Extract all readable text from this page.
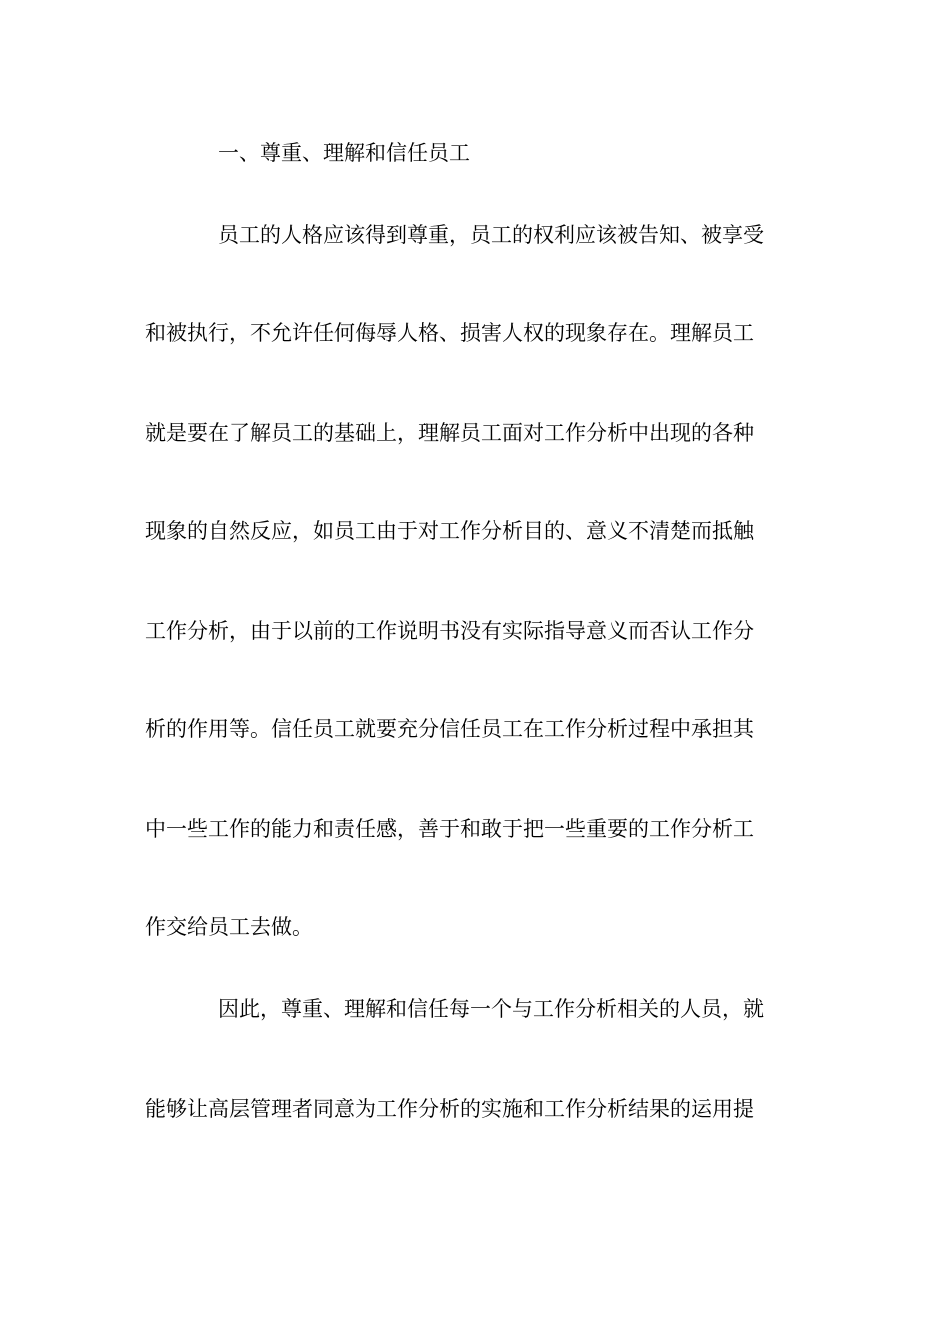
一、尊重、理解和信任员工
员工的人格应该得到尊重，员工的权利应该被告知、被享受
和被执行，不允许任何侮辱人格、损害人权的现象存在。理解员工
就是要在了解员工的基础上，理解员工面对工作分析中出现的各种
现象的自然反应，如员工由于对工作分析目的、意义不清楚而抵触
工作分析，由于以前的工作说明书没有实际指导意义而否认工作分
析的作用等。信任员工就要充分信任员工在工作分析过程中承担其
中一些工作的能力和责任感，善于和敢于把一些重要的工作分析工
作交给员工去做。
因此，尊重、理解和信任每一个与工作分析相关的人员，就
能够让高层管理者同意为工作分析的实施和工作分析结果的运用提
